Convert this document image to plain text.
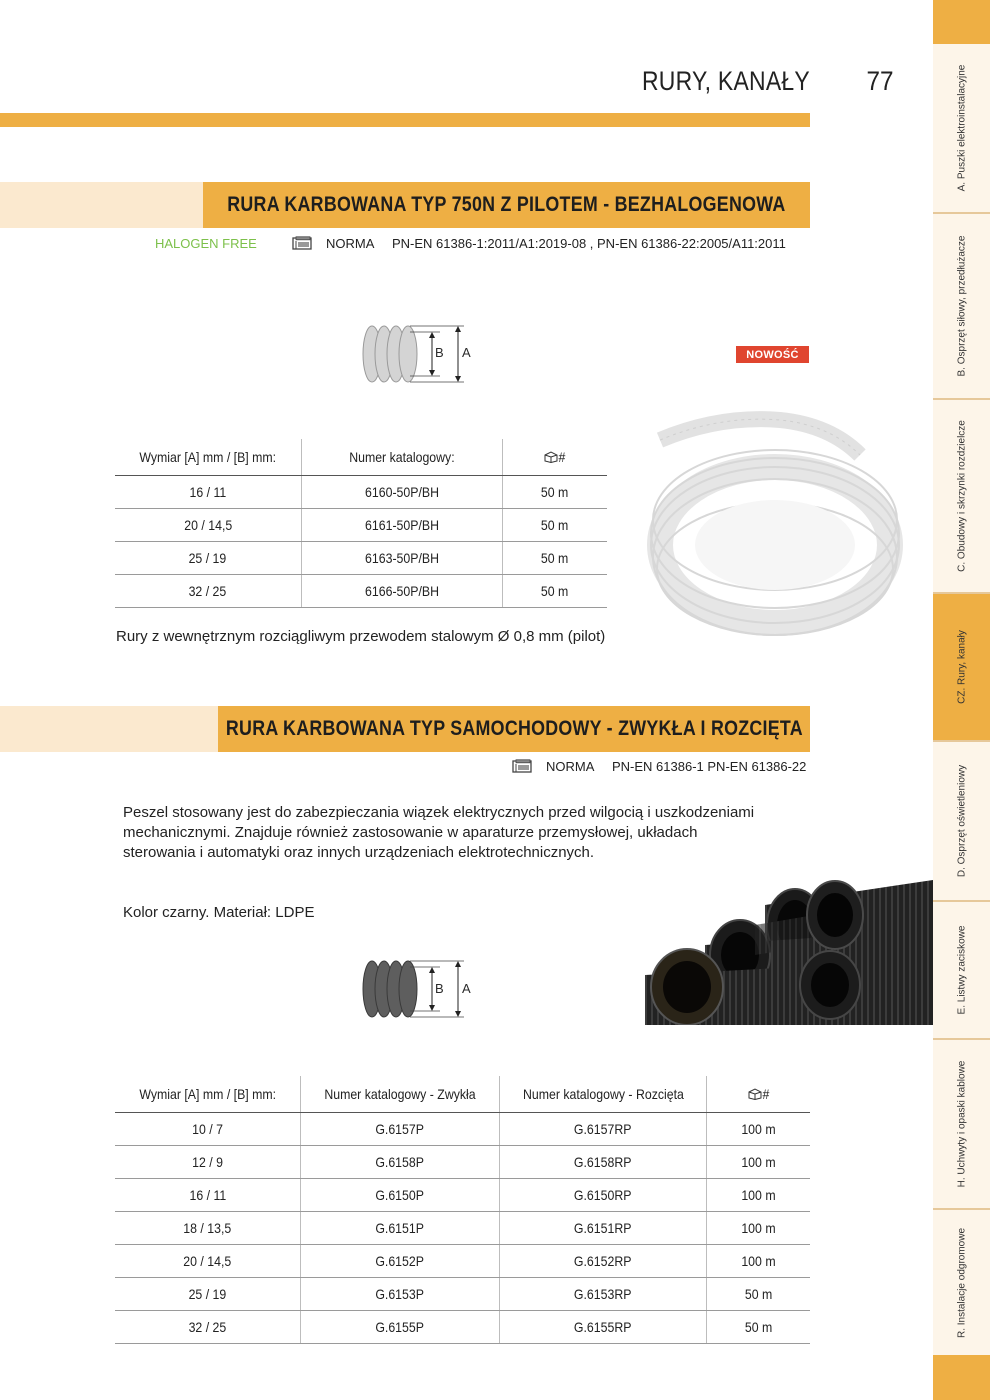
RURY, KANAŁY	77	A. Puszki elektroinstalacyjne
B. Osprzęt siłowy, przedłużacze
C. Obudowy i skrzynki rozdzielcze
CZ. Rury, kanały
D. Osprzęt oświetleniowy
E. Listwy zaciskowe
H. Uchwyty i opaski kablowe
R. Instalacje odgromowe
RURA KARBOWANA TYP 750N Z PILOTEM - BEZHALOGENOWA
HALOGEN FREE	NORMA PN-EN 61386-1:2011/A1:2019-08 , PN-EN 61386-22:2005/A11:2011
B A	NOWOŚĆ
Wymiar [A] mm / [B] mm:	Numer katalogowy:	#
16 / 11	6160-50P/BH	50 m
20 / 14,5	6161-50P/BH	50 m
25 / 19	6163-50P/BH	50 m
32 / 25	6166-50P/BH	50 m
Rury z wewnętrznym rozciągliwym przewodem stalowym Ø 0,8 mm (pilot)
RURA KARBOWANA TYP SAMOCHODOWY - ZWYKŁA I ROZCIĘTA
NORMA PN-EN 61386-1 PN-EN 61386-22
Peszel stosowany jest do zabezpieczania wiązek elektrycznych przed wilgocią i uszkodzeniami
mechanicznymi. Znajduje również zastosowanie w aparaturze przemysłowej, układach
sterowania i automatyki oraz innych urządzeniach elektrotechnicznych.
Kolor czarny. Materiał: LDPE
B A
Wymiar [A] mm / [B] mm:	Numer katalogowy - Zwykła	Numer katalogowy - Rozcięta	#
10 / 7	G.6157P	G.6157RP	100 m
12 / 9	G.6158P	G.6158RP	100 m
16 / 11	G.6150P	G.6150RP	100 m
18 / 13,5	G.6151P	G.6151RP	100 m
20 / 14,5	G.6152P	G.6152RP	100 m
25 / 19	G.6153P	G.6153RP	50 m
32 / 25	G.6155P	G.6155RP	50 m
